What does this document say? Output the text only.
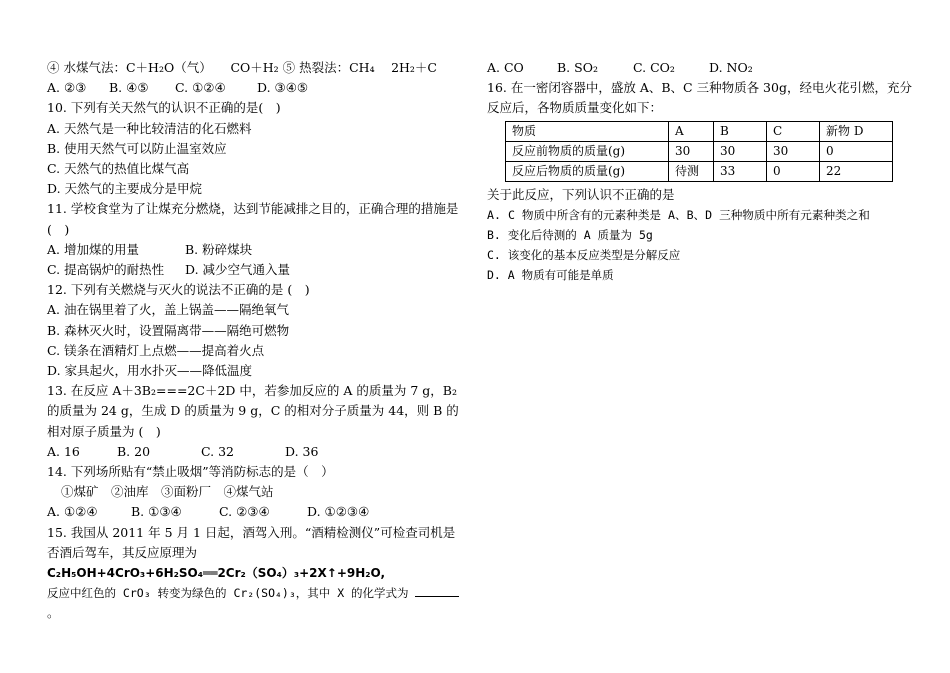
④ 水煤气法：C＋H₂O（气）　　CO＋H₂ ⑤ 热裂法：CH₄　 2H₂＋C
A. ②③ B. ④⑤ C. ①②④	D. ③④⑤
10. 下列有关天然气的认识不正确的是(　)
A. 天然气是一种比较清洁的化石燃料
B. 使用天然气可以防止温室效应
C. 天然气的热值比煤气高
D. 天然气的主要成分是甲烷
11. 学校食堂为了让煤充分燃烧，达到节能减排之目的，正确合理的措施是 (　)
A. 增加煤的用量	B. 粉碎煤块
C. 提高锅炉的耐热性 D. 减少空气通入量
12. 下列有关燃烧与灭火的说法不正确的是 (　)
A. 油在锅里着了火，盖上锅盖——隔绝氧气
B. 森林灭火时，设置隔离带——隔绝可燃物
C. 镁条在酒精灯上点燃——提高着火点
D. 家具起火，用水扑灭——降低温度
13. 在反应 A＋3B₂===2C＋2D 中，若参加反应的 A 的质量为 7 g，B₂的质量为 24 g，生成 D 的质量为 9 g，C 的相对分子质量为 44，则 B 的相对原子质量为 (　)
A. 16	B. 20	C. 32	D. 36
14. 下列场所贴有“禁止吸烟”等消防标志的是（　）
①煤矿　②油库　③面粉厂　④煤气站
A. ①②④	B. ①③④	C. ②③④	D. ①②③④
15. 我国从 2011 年 5 月 1 日起，酒驾入刑。“酒精检测仪”可检查司机是否酒后驾车，其反应原理为
C₂H₅OH+4CrO₃+6H₂SO₄══2Cr₂（SO₄）₃+2X↑+9H₂O,
反应中红色的 CrO₃ 转变为绿色的 Cr₂(SO₄)₃，其中 X 的化学式为
。
A. CO	B. SO₂	C. CO₂	D. NO₂
16. 在一密闭容器中，盛放 A、B、C 三种物质各 30g，经电火花引燃，充分反应后，各物质质量变化如下：
物质	A	B	C	新物 D
反应前物质的质量(g)	30	30	30	0
反应后物质的质量(g)	待测	33	0	22
关于此反应，下列认识不正确的是
A. C 物质中所含有的元素种类是 A、B、D 三种物质中所有元素种类之和
B. 变化后待测的 A 质量为 5g
C. 该变化的基本反应类型是分解反应
D. A 物质有可能是单质
